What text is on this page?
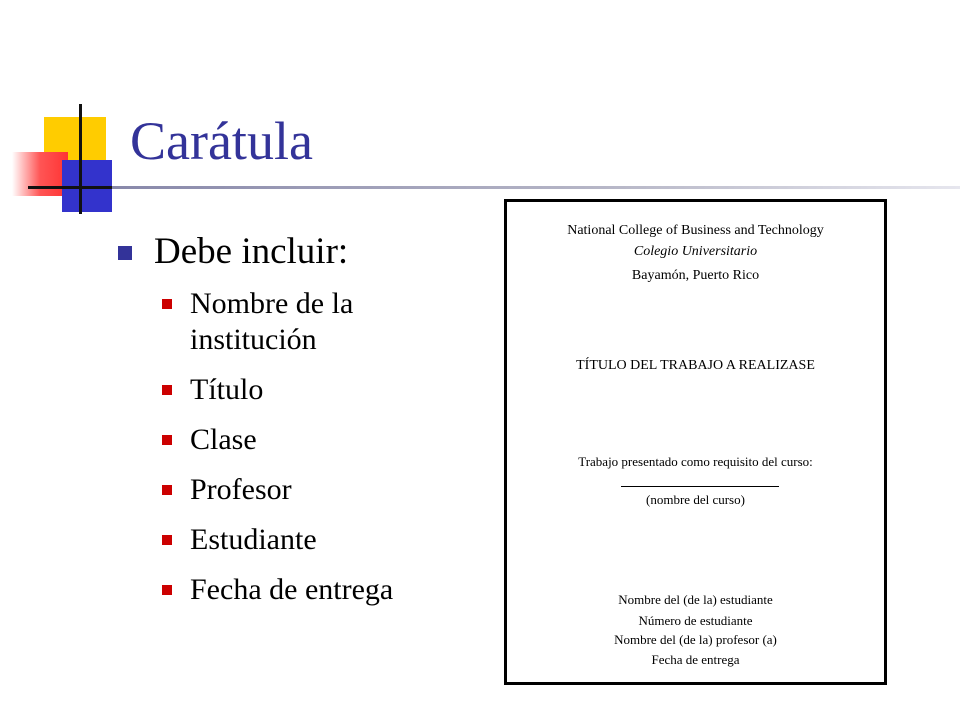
Carátula
Debe incluir:
Nombre de la institución
Título
Clase
Profesor
Estudiante
Fecha de entrega
National College of Business and Technology
Colegio Universitario
Bayamón, Puerto Rico
TÍTULO DEL TRABAJO A REALIZASE
Trabajo presentado como requisito del curso:
(nombre del curso)
Nombre del (de la) estudiante
Número de estudiante
Nombre del (de la) profesor (a)
Fecha de entrega
